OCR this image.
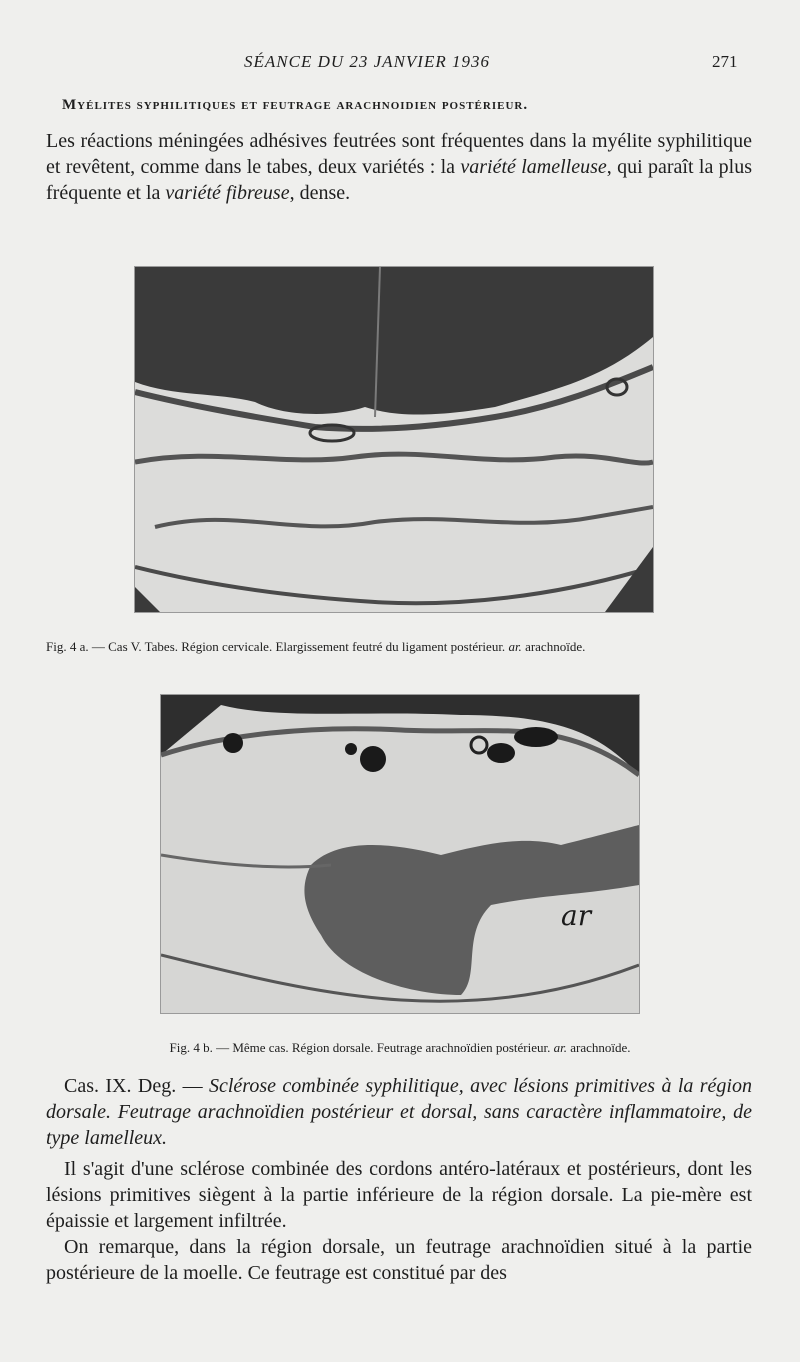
SÉANCE DU 23 JANVIER 1936	271
Myélites syphilitiques et feutrage arachnoidien postérieur.
Les réactions méningées adhésives feutrées sont fréquentes dans la myélite syphilitique et revêtent, comme dans le tabes, deux variétés : la variété lamelleuse, qui paraît la plus fréquente et la variété fibreuse, dense.
Fig. 4 a. — Cas V. Tabes. Région cervicale. Elargissement feutré du ligament postérieur. ar. arachnoïde.
ar
Fig. 4 b. — Même cas. Région dorsale. Feutrage arachnoïdien postérieur. ar. arachnoïde.
Cas. IX. Deg. — Sclérose combinée syphilitique, avec lésions primitives à la région dorsale. Feutrage arachnoïdien postérieur et dorsal, sans caractère inflammatoire, de type lamelleux.
Il s'agit d'une sclérose combinée des cordons antéro-latéraux et postérieurs, dont les lésions primitives siègent à la partie inférieure de la région dorsale. La pie-mère est épaissie et largement infiltrée.
On remarque, dans la région dorsale, un feutrage arachnoïdien situé à la partie postérieure de la moelle. Ce feutrage est constitué par des
